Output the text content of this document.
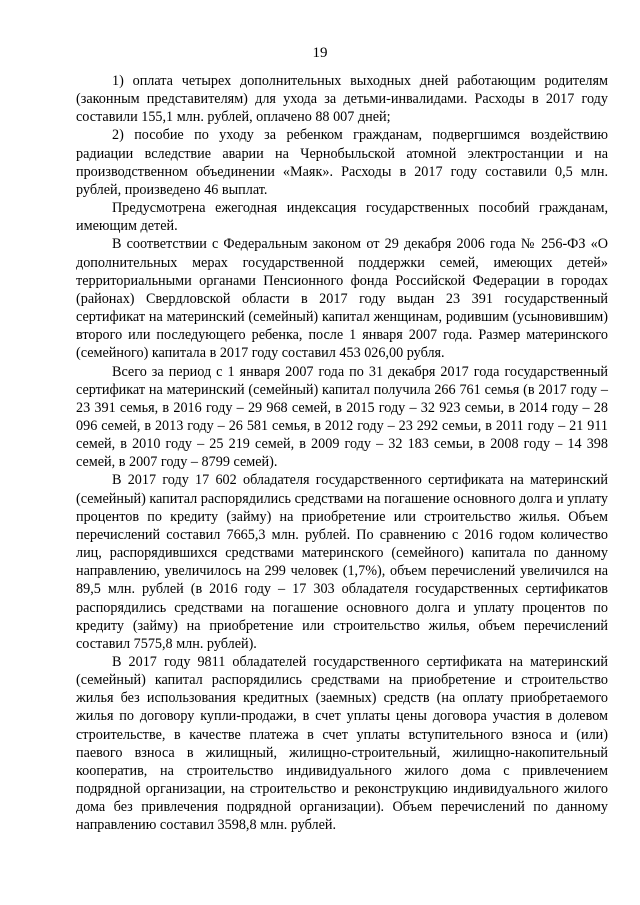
19

1) оплата четырех дополнительных выходных дней работающим родителям (законным представителям) для ухода за детьми-инвалидами. Расходы в 2017 году составили 155,1 млн. рублей, оплачено 88 007 дней;

2) пособие по уходу за ребенком гражданам, подвергшимся воздействию радиации вследствие аварии на Чернобыльской атомной электростанции и на производственном объединении «Маяк». Расходы в 2017 году составили 0,5 млн. рублей, произведено 46 выплат.

Предусмотрена ежегодная индексация государственных пособий гражданам, имеющим детей.

В соответствии с Федеральным законом от 29 декабря 2006 года № 256-ФЗ «О дополнительных мерах государственной поддержки семей, имеющих детей» территориальными органами Пенсионного фонда Российской Федерации в городах (районах) Свердловской области в 2017 году выдан 23 391 государственный сертификат на материнский (семейный) капитал женщинам, родившим (усыновившим) второго или последующего ребенка, после 1 января 2007 года. Размер материнского (семейного) капитала в 2017 году составил 453 026,00 рубля.

Всего за период с 1 января 2007 года по 31 декабря 2017 года государственный сертификат на материнский (семейный) капитал получила 266 761 семья (в 2017 году – 23 391 семья, в 2016 году – 29 968 семей, в 2015 году – 32 923 семьи, в 2014 году – 28 096 семей, в 2013 году – 26 581 семья, в 2012 году – 23 292 семьи, в 2011 году – 21 911 семей, в 2010 году – 25 219 семей, в 2009 году – 32 183 семьи, в 2008 году – 14 398 семей, в 2007 году – 8799 семей).

В 2017 году 17 602 обладателя государственного сертификата на материнский (семейный) капитал распорядились средствами на погашение основного долга и уплату процентов по кредиту (займу) на приобретение или строительство жилья. Объем перечислений составил 7665,3 млн. рублей. По сравнению с 2016 годом количество лиц, распорядившихся средствами материнского (семейного) капитала по данному направлению, увеличилось на 299 человек (1,7%), объем перечислений увеличился на 89,5 млн. рублей (в 2016 году – 17 303 обладателя государственных сертификатов распорядились средствами на погашение основного долга и уплату процентов по кредиту (займу) на приобретение или строительство жилья, объем перечислений составил 7575,8 млн. рублей).

В 2017 году 9811 обладателей государственного сертификата на материнский (семейный) капитал распорядились средствами на приобретение и строительство жилья без использования кредитных (заемных) средств (на оплату приобретаемого жилья по договору купли-продажи, в счет уплаты цены договора участия в долевом строительстве, в качестве платежа в счет уплаты вступительного взноса и (или) паевого взноса в жилищный, жилищно-строительный, жилищно-накопительный кооператив, на строительство индивидуального жилого дома с привлечением подрядной организации, на строительство и реконструкцию индивидуального жилого дома без привлечения подрядной организации). Объем перечислений по данному направлению составил 3598,8 млн. рублей.
